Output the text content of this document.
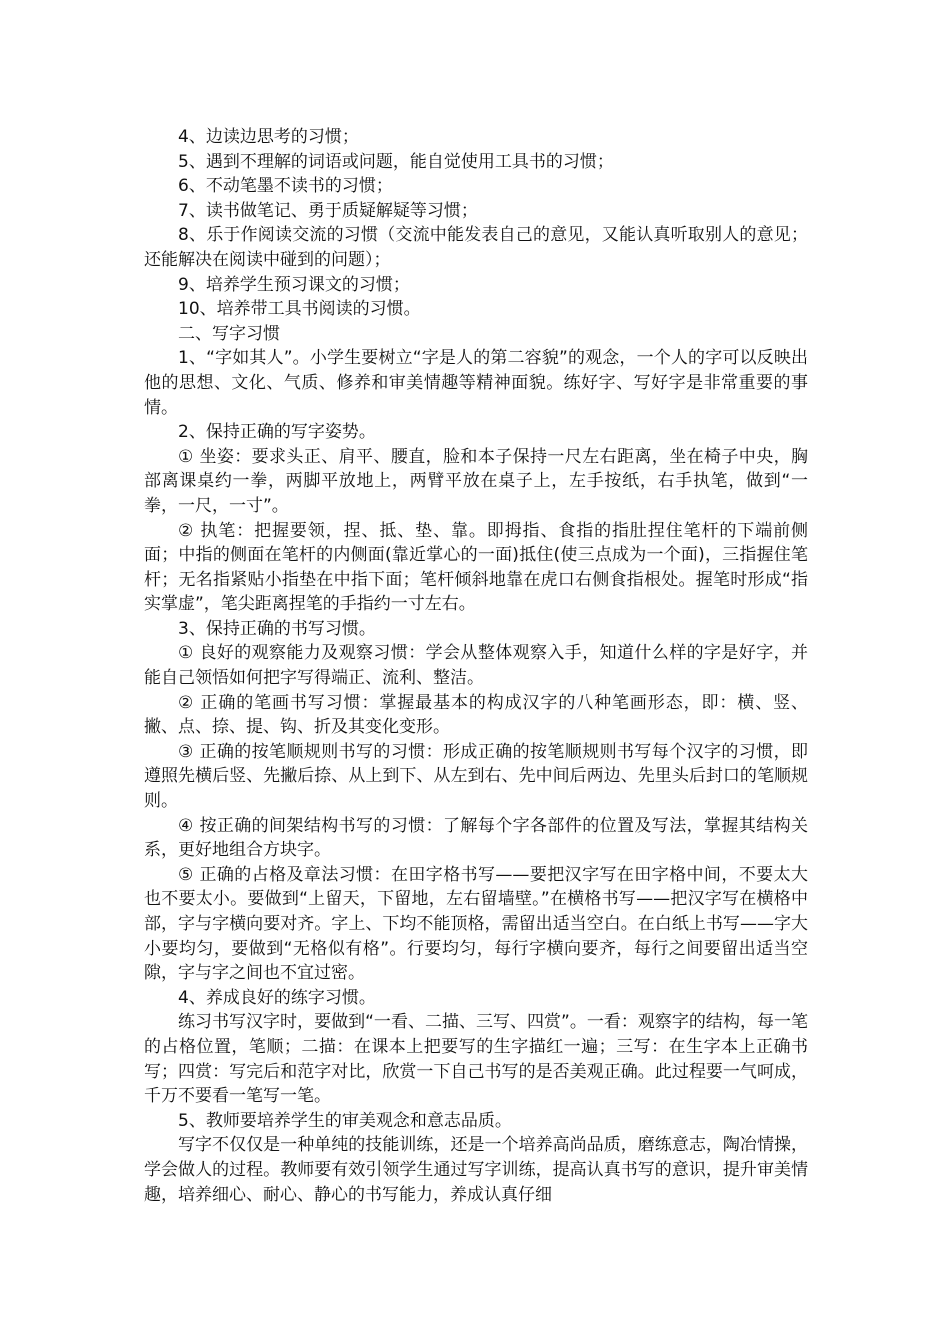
4、边读边思考的习惯；

5、遇到不理解的词语或问题，能自觉使用工具书的习惯；

6、不动笔墨不读书的习惯；

7、读书做笔记、勇于质疑解疑等习惯；

8、乐于作阅读交流的习惯（交流中能发表自己的意见，又能认真听取别人的意见；还能解决在阅读中碰到的问题）；

9、培养学生预习课文的习惯；

10、培养带工具书阅读的习惯。

二、写字习惯

1、“字如其人”。小学生要树立“字是人的第二容貌”的观念，一个人的字可以反映出他的思想、文化、气质、修养和审美情趣等精神面貌。练好字、写好字是非常重要的事情。

2、保持正确的写字姿势。

① 坐姿：要求头正、肩平、腰直，脸和本子保持一尺左右距离，坐在椅子中央，胸部离课桌约一拳，两脚平放地上，两臂平放在桌子上，左手按纸，右手执笔，做到“一拳，一尺，一寸”。

② 执笔：把握要领，捏、抵、垫、靠。即拇指、食指的指肚捏住笔杆的下端前侧面；中指的侧面在笔杆的内侧面(靠近掌心的一面)抵住(使三点成为一个面)，三指握住笔杆；无名指紧贴小指垫在中指下面；笔杆倾斜地靠在虎口右侧食指根处。握笔时形成“指实掌虚”，笔尖距离捏笔的手指约一寸左右。

3、保持正确的书写习惯。

① 良好的观察能力及观察习惯：学会从整体观察入手，知道什么样的字是好字，并能自己领悟如何把字写得端正、流利、整洁。

② 正确的笔画书写习惯：掌握最基本的构成汉字的八种笔画形态，即：横、竖、撇、点、捺、提、钩、折及其变化变形。

③ 正确的按笔顺规则书写的习惯：形成正确的按笔顺规则书写每个汉字的习惯，即遵照先横后竖、先撇后捺、从上到下、从左到右、先中间后两边、先里头后封口的笔顺规则。

④ 按正确的间架结构书写的习惯：了解每个字各部件的位置及写法，掌握其结构关系，更好地组合方块字。

⑤ 正确的占格及章法习惯：在田字格书写——要把汉字写在田字格中间，不要太大也不要太小。要做到“上留天，下留地，左右留墙壁。”在横格书写——把汉字写在横格中部，字与字横向要对齐。字上、下均不能顶格，需留出适当空白。在白纸上书写——字大小要均匀，要做到“无格似有格”。行要均匀，每行字横向要齐，每行之间要留出适当空隙，字与字之间也不宜过密。

4、养成良好的练字习惯。

练习书写汉字时，要做到“一看、二描、三写、四赏”。一看：观察字的结构，每一笔的占格位置，笔顺；二描：在课本上把要写的生字描红一遍；三写：在生字本上正确书写；四赏：写完后和范字对比，欣赏一下自己书写的是否美观正确。此过程要一气呵成，千万不要看一笔写一笔。

5、教师要培养学生的审美观念和意志品质。

写字不仅仅是一种单纯的技能训练，还是一个培养高尚品质，磨练意志，陶冶情操，学会做人的过程。教师要有效引领学生通过写字训练，提高认真书写的意识，提升审美情趣，培养细心、耐心、静心的书写能力，养成认真仔细
